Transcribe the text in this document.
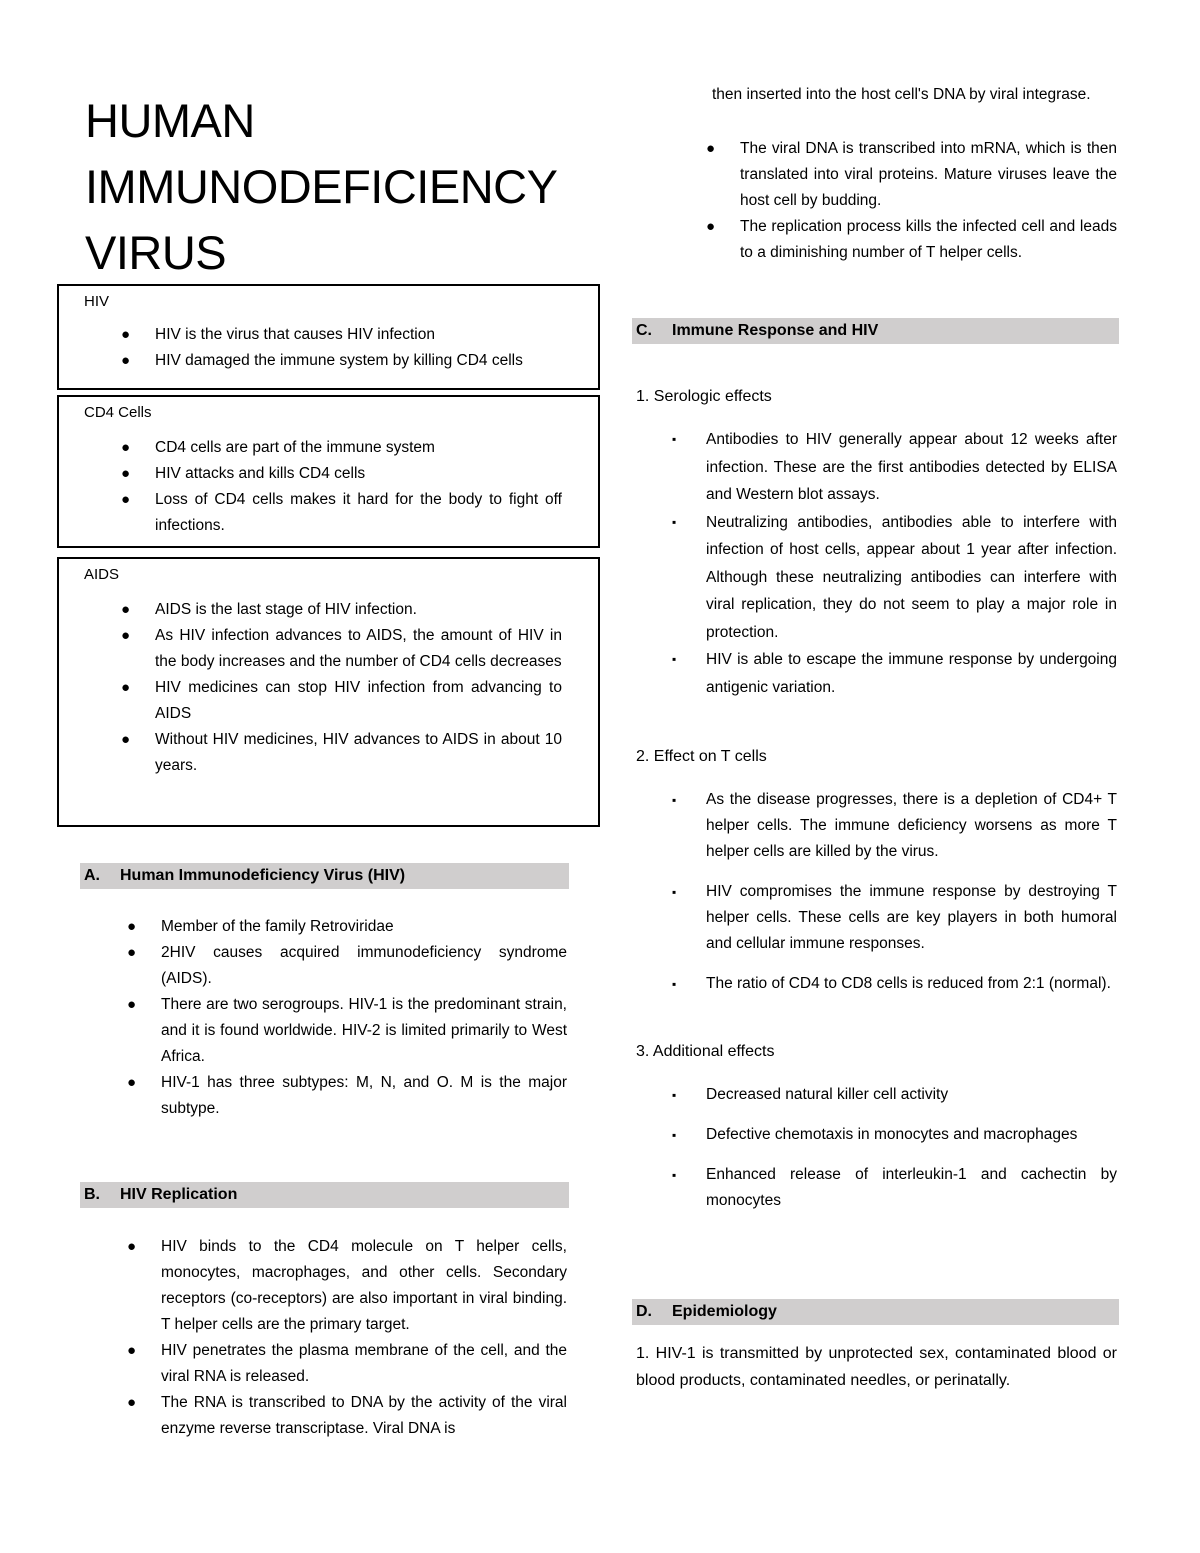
HUMAN
IMMUNODEFICIENCY
VIRUS
HIV
● HIV is the virus that causes HIV infection
● HIV damaged the immune system by killing CD4 cells
CD4 Cells
● CD4 cells are part of the immune system
● HIV attacks and kills CD4 cells
● Loss of CD4 cells makes it hard for the body to fight off infections.
AIDS
● AIDS is the last stage of HIV infection.
● As HIV infection advances to AIDS, the amount of HIV in the body increases and the number of CD4 cells decreases
● HIV medicines can stop HIV infection from advancing to AIDS
● Without HIV medicines, HIV advances to AIDS in about 10 years.
A. Human Immunodeficiency Virus (HIV)
● Member of the family Retroviridae
● 2HIV causes acquired immunodeficiency syndrome (AIDS).
● There are two serogroups. HIV-1 is the predominant strain, and it is found worldwide. HIV-2 is limited primarily to West Africa.
● HIV-1 has three subtypes: M, N, and O. M is the major subtype.
B. HIV Replication
● HIV binds to the CD4 molecule on T helper cells, monocytes, macrophages, and other cells. Secondary receptors (co-receptors) are also important in viral binding. T helper cells are the primary target.
● HIV penetrates the plasma membrane of the cell, and the viral RNA is released.
● The RNA is transcribed to DNA by the activity of the viral enzyme reverse transcriptase. Viral DNA is
then inserted into the host cell's DNA by viral integrase.
● The viral DNA is transcribed into mRNA, which is then translated into viral proteins. Mature viruses leave the host cell by budding.
● The replication process kills the infected cell and leads to a diminishing number of T helper cells.
C. Immune Response and HIV
1. Serologic effects
▪ Antibodies to HIV generally appear about 12 weeks after infection. These are the first antibodies detected by ELISA and Western blot assays.
▪ Neutralizing antibodies, antibodies able to interfere with infection of host cells, appear about 1 year after infection. Although these neutralizing antibodies can interfere with viral replication, they do not seem to play a major role in protection.
▪ HIV is able to escape the immune response by undergoing antigenic variation.
2. Effect on T cells
▪ As the disease progresses, there is a depletion of CD4+ T helper cells. The immune deficiency worsens as more T helper cells are killed by the virus.
▪ HIV compromises the immune response by destroying T helper cells. These cells are key players in both humoral and cellular immune responses.
▪ The ratio of CD4 to CD8 cells is reduced from 2:1 (normal).
3. Additional effects
▪ Decreased natural killer cell activity
▪ Defective chemotaxis in monocytes and macrophages
▪ Enhanced release of interleukin-1 and cachectin by monocytes
D. Epidemiology
1. HIV-1 is transmitted by unprotected sex, contaminated blood or blood products, contaminated needles, or perinatally.
